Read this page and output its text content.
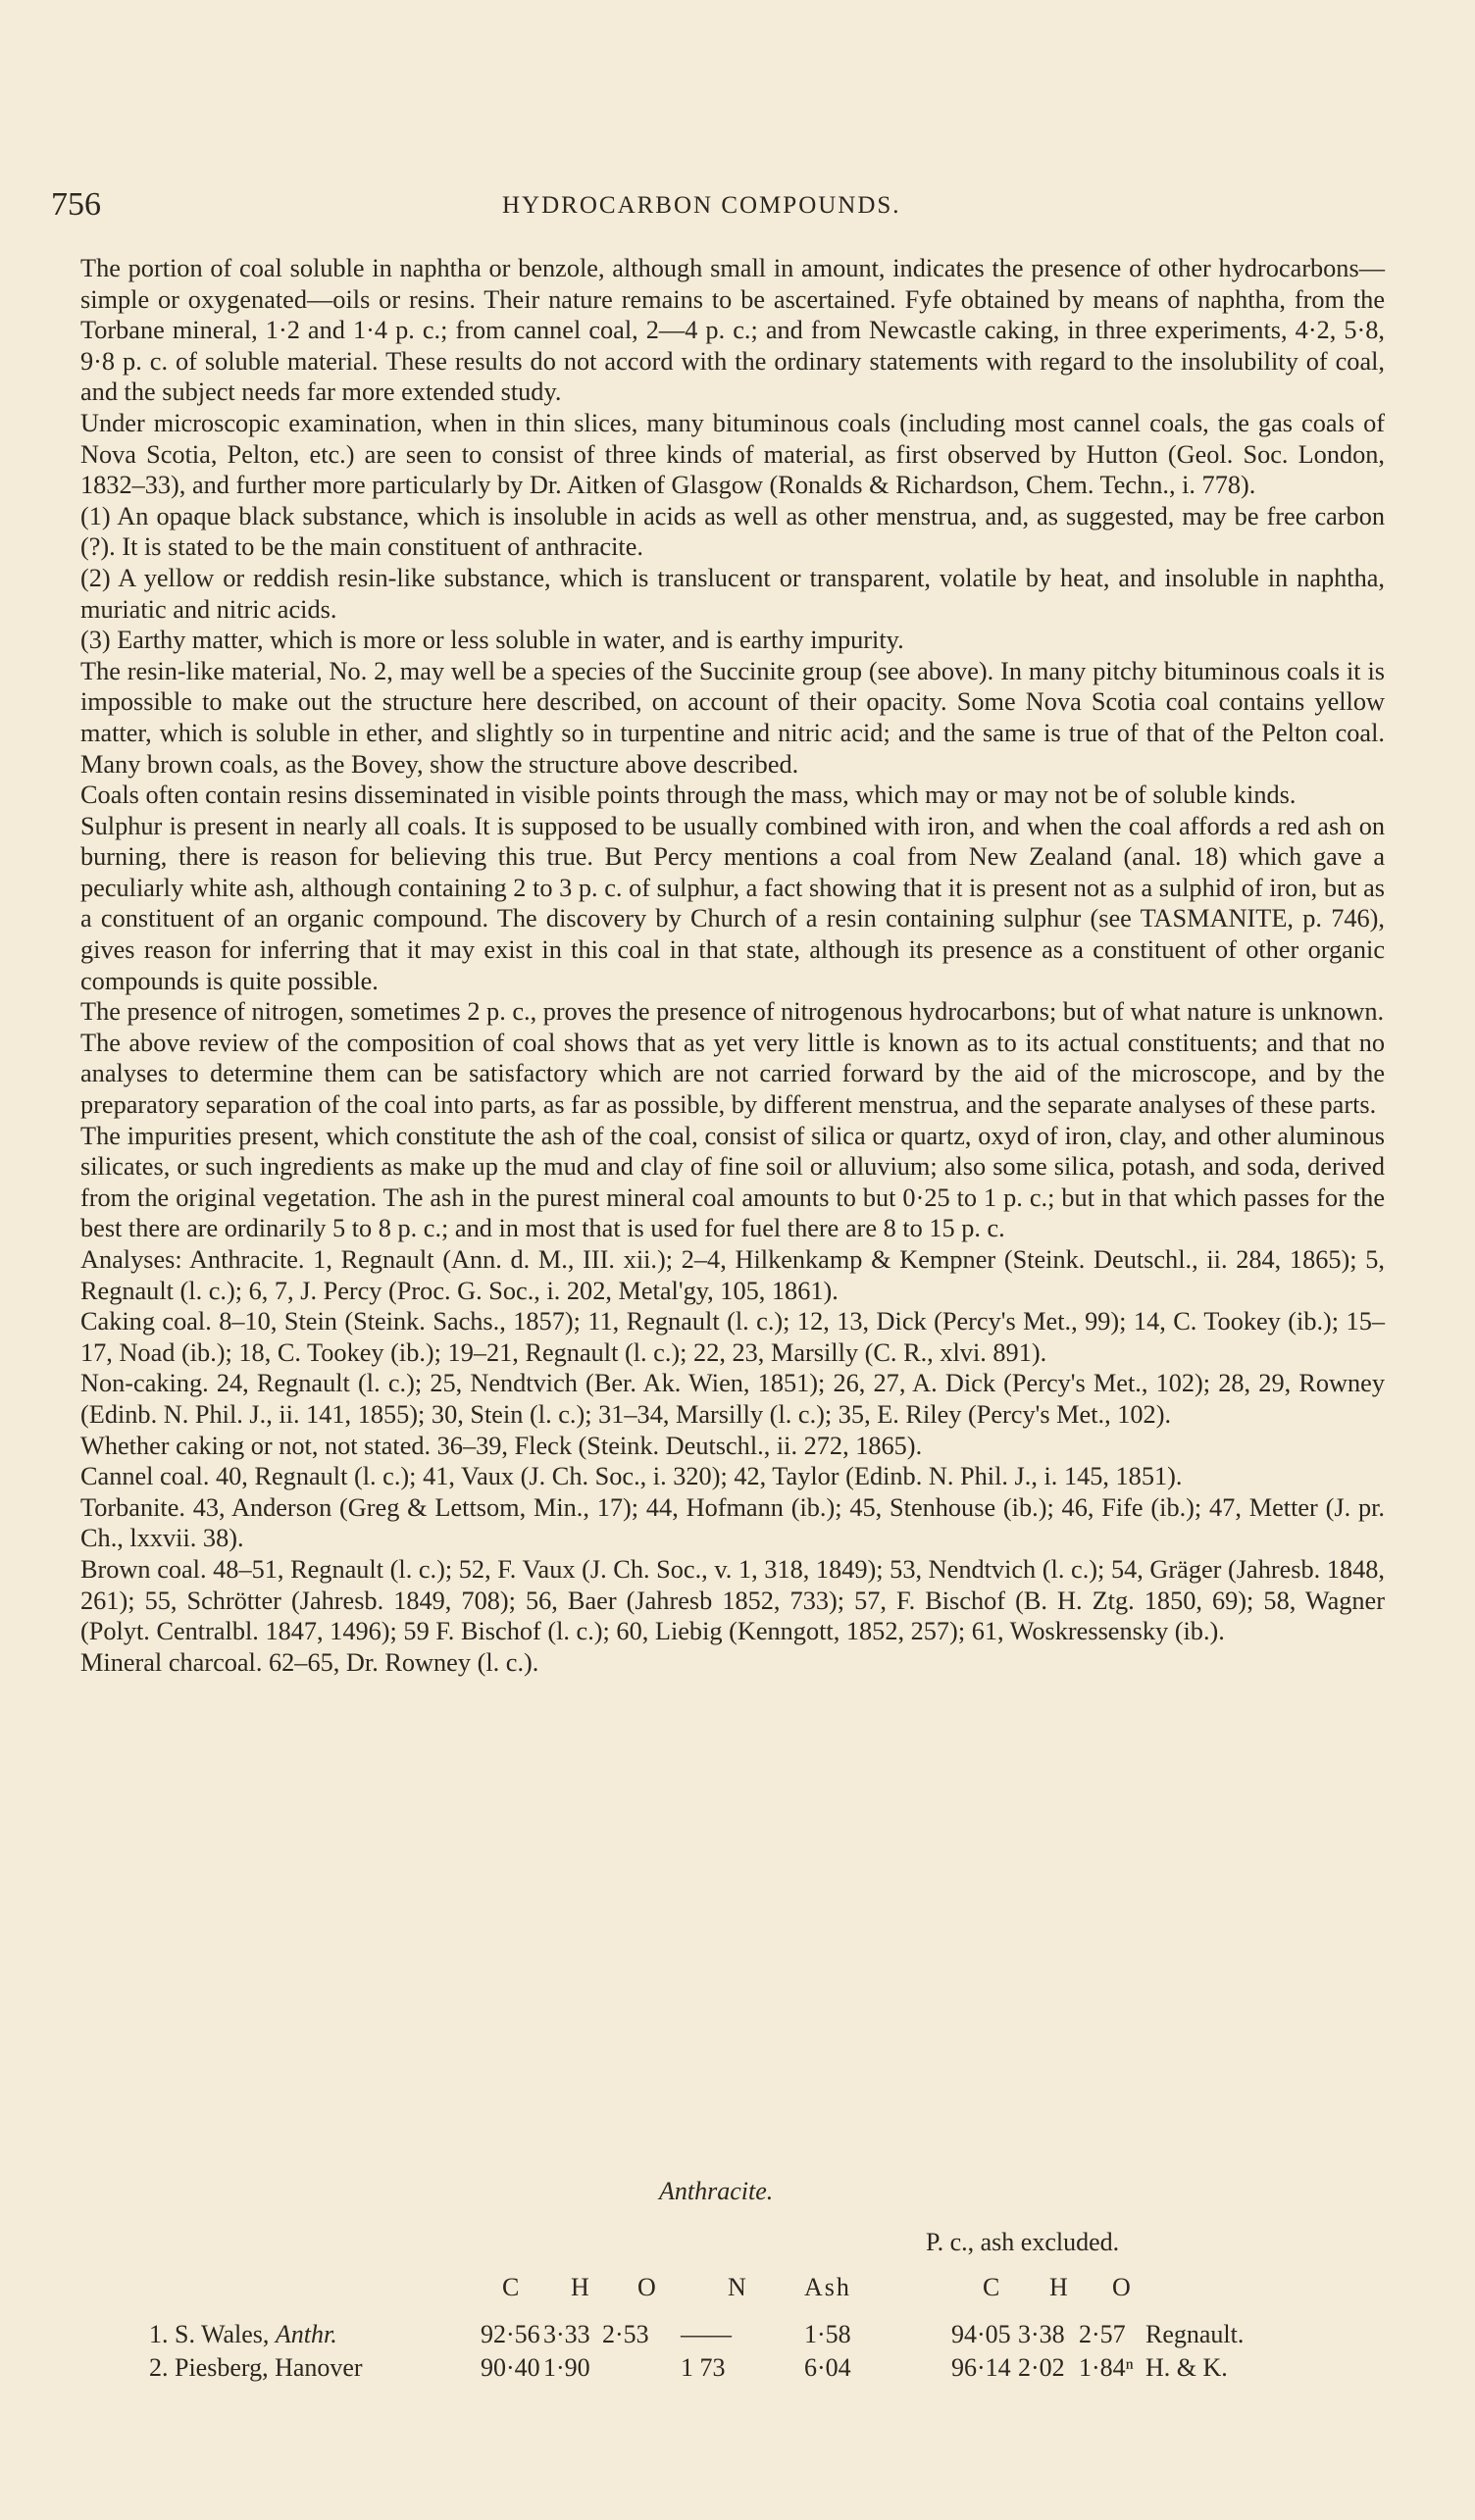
756	HYDROCARBON COMPOUNDS.

The portion of coal soluble in naphtha or benzole, although small in amount, indicates the presence of other hydrocarbons—simple or oxygenated—oils or resins. Their nature remains to be ascertained. Fyfe obtained by means of naphtha, from the Torbane mineral, 1·2 and 1·4 p. c.; from cannel coal, 2—4 p. c.; and from Newcastle caking, in three experiments, 4·2, 5·8, 9·8 p. c. of soluble material. These results do not accord with the ordinary statements with regard to the insolubility of coal, and the subject needs far more extended study.

Under microscopic examination, when in thin slices, many bituminous coals (including most cannel coals, the gas coals of Nova Scotia, Pelton, etc.) are seen to consist of three kinds of material, as first observed by Hutton (Geol. Soc. London, 1832–33), and further more particularly by Dr. Aitken of Glasgow (Ronalds & Richardson, Chem. Techn., i. 778).

(1) An opaque black substance, which is insoluble in acids as well as other menstrua, and, as suggested, may be free carbon (?). It is stated to be the main constituent of anthracite.

(2) A yellow or reddish resin-like substance, which is translucent or transparent, volatile by heat, and insoluble in naphtha, muriatic and nitric acids.

(3) Earthy matter, which is more or less soluble in water, and is earthy impurity.

The resin-like material, No. 2, may well be a species of the Succinite group (see above). In many pitchy bituminous coals it is impossible to make out the structure here described, on account of their opacity. Some Nova Scotia coal contains yellow matter, which is soluble in ether, and slightly so in turpentine and nitric acid; and the same is true of that of the Pelton coal. Many brown coals, as the Bovey, show the structure above described.

Coals often contain resins disseminated in visible points through the mass, which may or may not be of soluble kinds.

Sulphur is present in nearly all coals. It is supposed to be usually combined with iron, and when the coal affords a red ash on burning, there is reason for believing this true. But Percy mentions a coal from New Zealand (anal. 18) which gave a peculiarly white ash, although containing 2 to 3 p. c. of sulphur, a fact showing that it is present not as a sulphid of iron, but as a constituent of an organic compound. The discovery by Church of a resin containing sulphur (see TASMANITE, p. 746), gives reason for inferring that it may exist in this coal in that state, although its presence as a constituent of other organic compounds is quite possible.

The presence of nitrogen, sometimes 2 p. c., proves the presence of nitrogenous hydrocarbons; but of what nature is unknown.

The above review of the composition of coal shows that as yet very little is known as to its actual constituents; and that no analyses to determine them can be satisfactory which are not carried forward by the aid of the microscope, and by the preparatory separation of the coal into parts, as far as possible, by different menstrua, and the separate analyses of these parts.

The impurities present, which constitute the ash of the coal, consist of silica or quartz, oxyd of iron, clay, and other aluminous silicates, or such ingredients as make up the mud and clay of fine soil or alluvium; also some silica, potash, and soda, derived from the original vegetation. The ash in the purest mineral coal amounts to but 0·25 to 1 p. c.; but in that which passes for the best there are ordinarily 5 to 8 p. c.; and in most that is used for fuel there are 8 to 15 p. c.

Analyses: Anthracite. 1, Regnault (Ann. d. M., III. xii.); 2–4, Hilkenkamp & Kempner (Steink. Deutschl., ii. 284, 1865); 5, Regnault (l. c.); 6, 7, J. Percy (Proc. G. Soc., i. 202, Metal'gy, 105, 1861).

Caking coal. 8–10, Stein (Steink. Sachs., 1857); 11, Regnault (l. c.); 12, 13, Dick (Percy's Met., 99); 14, C. Tookey (ib.); 15–17, Noad (ib.); 18, C. Tookey (ib.); 19–21, Regnault (l. c.); 22, 23, Marsilly (C. R., xlvi. 891).

Non-caking. 24, Regnault (l. c.); 25, Nendtvich (Ber. Ak. Wien, 1851); 26, 27, A. Dick (Percy's Met., 102); 28, 29, Rowney (Edinb. N. Phil. J., ii. 141, 1855); 30, Stein (l. c.); 31–34, Marsilly (l. c.); 35, E. Riley (Percy's Met., 102).

Whether caking or not, not stated. 36–39, Fleck (Steink. Deutschl., ii. 272, 1865).

Cannel coal. 40, Regnault (l. c.); 41, Vaux (J. Ch. Soc., i. 320); 42, Taylor (Edinb. N. Phil. J., i. 145, 1851).

Torbanite. 43, Anderson (Greg & Lettsom, Min., 17); 44, Hofmann (ib.); 45, Stenhouse (ib.); 46, Fife (ib.); 47, Metter (J. pr. Ch., lxxvii. 38).

Brown coal. 48–51, Regnault (l. c.); 52, F. Vaux (J. Ch. Soc., v. 1, 318, 1849); 53, Nendtvich (l. c.); 54, Gräger (Jahresb. 1848, 261); 55, Schrötter (Jahresb. 1849, 708); 56, Baer (Jahresb 1852, 733); 57, F. Bischof (B. H. Ztg. 1850, 69); 58, Wagner (Polyt. Centralbl. 1847, 1496); 59 F. Bischof (l. c.); 60, Liebig (Kenngott, 1852, 257); 61, Woskressensky (ib.).

Mineral charcoal. 62–65, Dr. Rowney (l. c.).

Anthracite.
P. c., ash excluded.
C H O	N Ash	C H O
1. S. Wales, Anthr.	92·56 3·33 2·53 ——	1·58	94·05 3·38 2·57 Regnault.
2. Piesberg, Hanover	90·40 1·90	1 73	6·04	96·14 2·02 1·84ⁿ H. & K.
